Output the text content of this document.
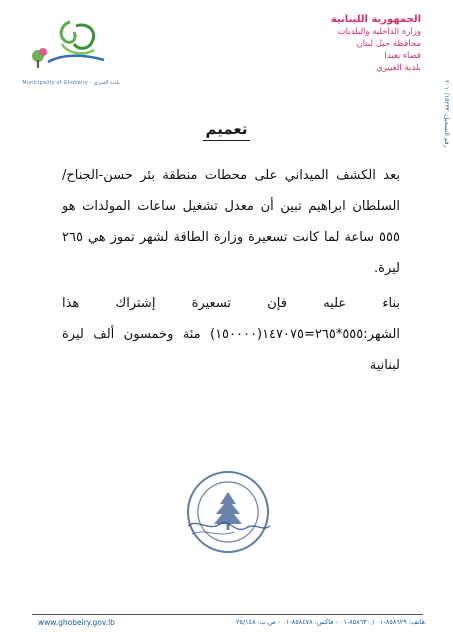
Municipality of Ghobeiry - بلدية الغبيري
الجمهورية اللبنانية
وزارة الداخلية والبلديات
محافظة جبل لبنان
قضاء بعبدا
بلدية الغبيري
رقم التسجيل: ٢٠١٠/١٥٢٣٣
تعميم

بعد الكشف الميداني على محطات منطقة بئر حسن-الجناح/السلطان ابراهيم تبين أن معدل تشغيل ساعات المولدات هو ٥٥٥ ساعة لما كانت تسعيرة وزارة الطاقة لشهر تموز هي ٢٦٥ ليرة.

بناء عليه فإن تسعيرة إشتراك هذا الشهر:٥٥٥*٢٦٥=١٤٧٠٧٥(١٥٠٠٠٠) مئة وخمسون ألف ليرة لبنانية

www.ghobeiry.gov.lb	هاتف: ٨٥٨٦٢٩-٠١ / ٨٥٨٦٣٠-٠١ - فاكس: ٨٥٨٤٧٨-٠١ - ص.ب: ٢٥/١٤٨
